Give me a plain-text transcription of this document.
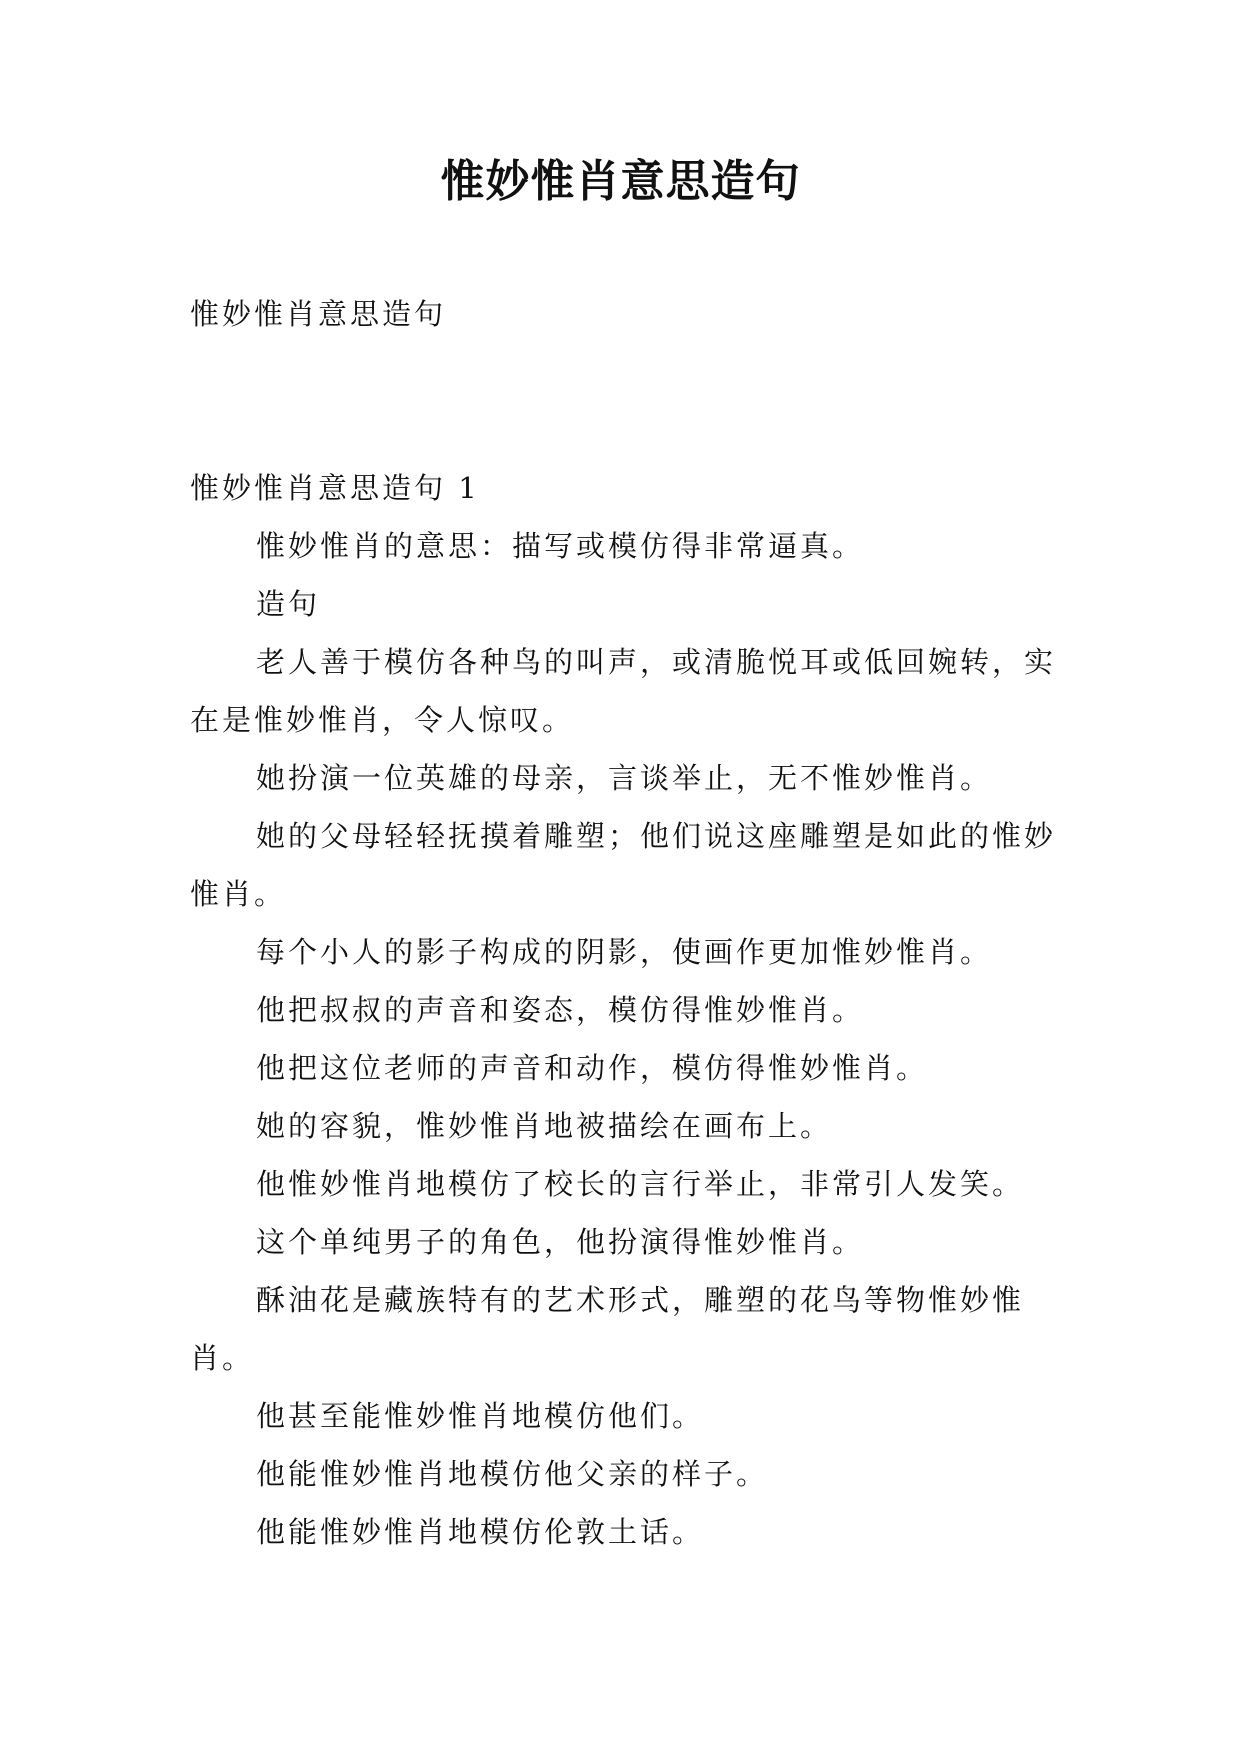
惟妙惟肖意思造句

惟妙惟肖意思造句

惟妙惟肖意思造句 1

惟妙惟肖的意思：描写或模仿得非常逼真。

造句

老人善于模仿各种鸟的叫声，或清脆悦耳或低回婉转，实在是惟妙惟肖，令人惊叹。

她扮演一位英雄的母亲，言谈举止，无不惟妙惟肖。

她的父母轻轻抚摸着雕塑；他们说这座雕塑是如此的惟妙惟肖。

每个小人的影子构成的阴影，使画作更加惟妙惟肖。

他把叔叔的声音和姿态，模仿得惟妙惟肖。

他把这位老师的声音和动作，模仿得惟妙惟肖。

她的容貌，惟妙惟肖地被描绘在画布上。

他惟妙惟肖地模仿了校长的言行举止，非常引人发笑。

这个单纯男子的角色，他扮演得惟妙惟肖。

酥油花是藏族特有的艺术形式，雕塑的花鸟等物惟妙惟肖。

他甚至能惟妙惟肖地模仿他们。

他能惟妙惟肖地模仿他父亲的样子。

他能惟妙惟肖地模仿伦敦土话。
